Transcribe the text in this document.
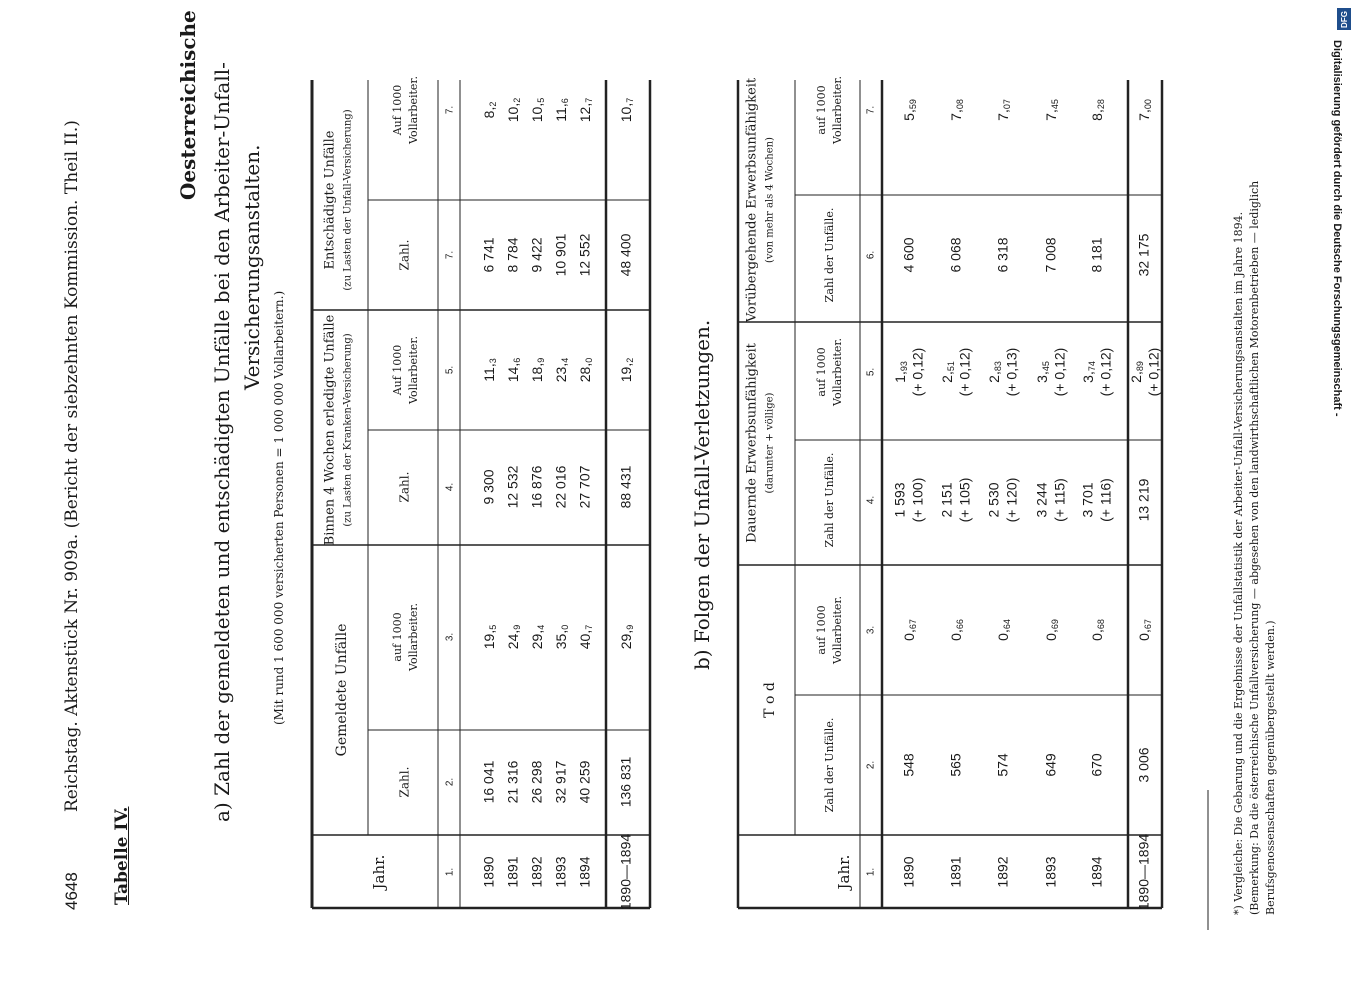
4648
Reichstag. Aktenstück Nr. 909a. (Bericht der siebzehnten Kommission. Theil II.)
Oesterreichische
Tabelle IV.
a) Zahl der gemeldeten und entschädigten Unfälle bei den Arbeiter-Unfall- Versicherungsanstalten.
(Mit rund 1 600 000 versicherten Personen = 1 000 000 Vollarbeitern.)	b) Folgen der Unfall-Verletzungen.	*) Vergleiche: Die Gebarung und die Ergebnisse der Unfallstatistik der Arbeiter-Unfall-Versicherungsanstalten im Jahre 1894. (Bemerkung: Da die österreichische Unfallversicherung — abgesehen von den landwirthschaftlichen Motorenbetrieben — lediglich Berufsgenossenschaften gegenübergestellt werden.)
Jahr.
Gemeldete Unfälle
Binnen 4 Wochen erledigte Unfälle (zu Lasten der Kranken-Versicherung)
Entschädigte Unfälle (zu Lasten der Unfall-Versicherung)
Zahl.
auf 1000 Vollarbeiter.
Zahl.
Auf 1000 Vollarbeiter.
Zahl.
Auf 1000 Vollarbeiter.
1.
2.
3.
4.
5.
7.
7.
1890
16 041
$19,_5$
9 300
$11,_3$
6 741
$8,_2$
1891
21 316
$24,_9$
12 532
$14,_6$
8 784
$10,_2$
1892
26 298
$29,_4$
16 876
$18,_9$
9 422
$10,_5$
1893
32 917
$35,_0$
22 016
$23,_4$
10 901
$11,_6$
1894
40 259
$40,_7$
27 707
$28,_0$
12 552
$12,_7$
1890—1894
136 831
$29,_9$
88 431
$19,_2$
48 400
$10,_7$
Jahr.
T o d
Dauernde Erwerbsunfähigkeit (darunter + völlige)
Vorübergehende Erwerbsunfähigkeit (von mehr als 4 Wochen)
Zahl der Unfälle.
auf 1000 Vollarbeiter.
Zahl der Unfälle.
auf 1000 Vollarbeiter.
Zahl der Unfälle.
auf 1000 Vollarbeiter.
1.
2.
3.
4.
5.
6.
7.
1890
548
$0,_{67}$
1 593 (+ 100)
$1,_{93}$ (+ 0,12)
4 600
$5,_{59}$
1891
565
$0,_{66}$
2 151 (+ 105)
$2,_{51}$ (+ 0,12)
6 068
$7,_{08}$
1892
574
$0,_{64}$
2 530 (+ 120)
$2,_{83}$ (+ 0,13)
6 318
$7,_{07}$
1893
649
$0,_{69}$
3 244 (+ 115)
$3,_{45}$ (+ 0,12)
7 008
$7,_{45}$
1894
670
$0,_{68}$
3 701 (+ 116)
$3,_{74}$ (+ 0,12)
8 181
$8,_{28}$
1890—1894
3 006
$0,_{67}$
13 219
$2,_{89}$ (+ 0,12)
32 175
$7,_{00}$
DFG
Digitalisierung gefördert durch die Deutsche Forschungsgemeinschaft -
